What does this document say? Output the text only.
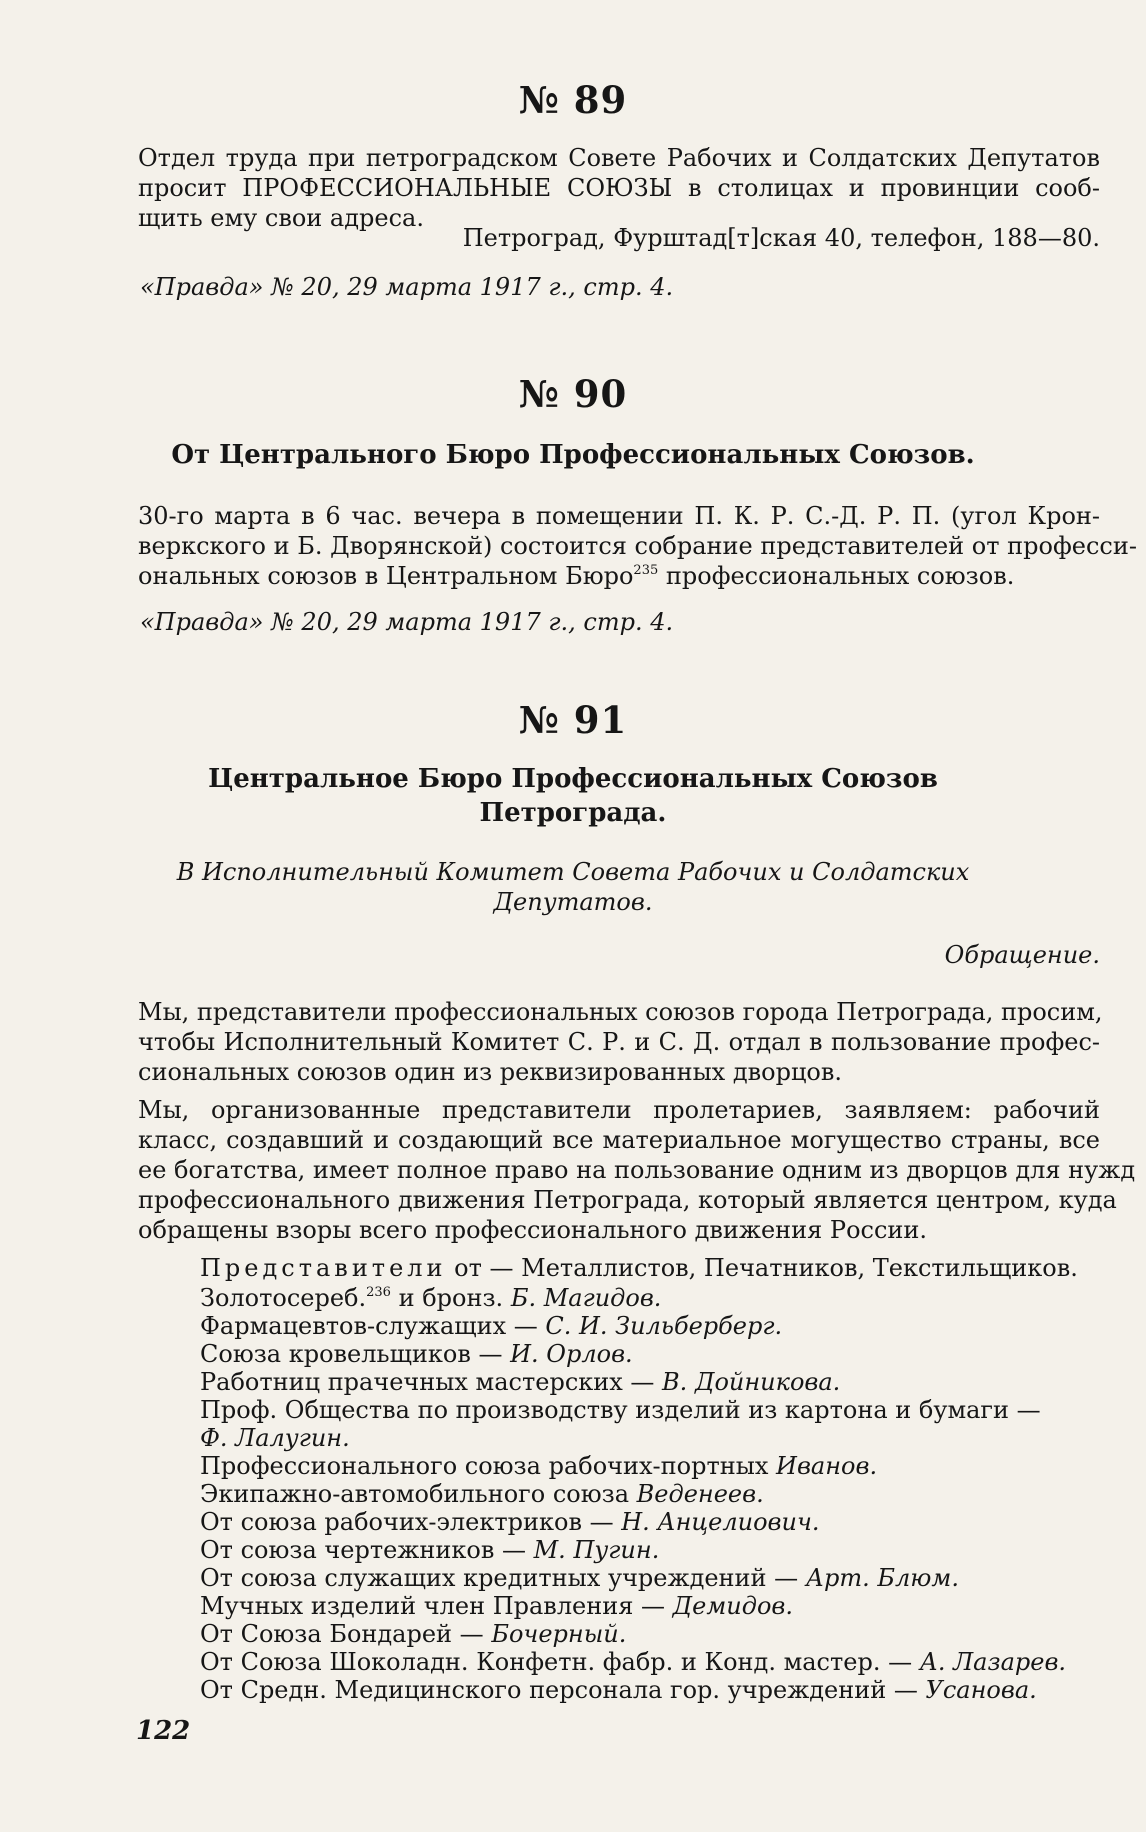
№ 89
Отдел труда при петроградском Совете Рабочих и Солдатских Депутатов
просит ПРОФЕССИОНАЛЬНЫЕ СОЮЗЫ в столицах и провинции сооб-
щить ему свои адреса.
Петроград, Фурштад[т]ская 40, телефон, 188—80.
«Правда» № 20, 29 марта 1917 г., стр. 4.
№ 90
От Центрального Бюро Профессиональных Союзов.
30-го марта в 6 час. вечера в помещении П. К. Р. С.-Д. Р. П. (угол Крон-
веркского и Б. Дворянской) состоится собрание представителей от професси-
ональных союзов в Центральном Бюро$^{235}$ профессиональных союзов.
«Правда» № 20, 29 марта 1917 г., стр. 4.
№ 91
Центральное Бюро Профессиональных Союзов
Петрограда.
В Исполнительный Комитет Совета Рабочих и Солдатских
Депутатов.
Обращение.
Мы, представители профессиональных союзов города Петрограда, просим,
чтобы Исполнительный Комитет С. Р. и С. Д. отдал в пользование профес-
сиональных союзов один из реквизированных дворцов.
Мы, организованные представители пролетариев, заявляем: рабочий
класс, создавший и создающий все материальное могущество страны, все
ее богатства, имеет полное право на пользование одним из дворцов для нужд
профессионального движения Петрограда, который является центром, куда
обращены взоры всего профессионального движения России.
Представители от — Металлистов, Печатников, Текстильщиков.
Золотосереб.$^{236}$ и бронз. Б. Магидов.
Фармацевтов-служащих — С. И. Зильберберг.
Союза кровельщиков — И. Орлов.
Работниц прачечных мастерских — В. Дойникова.
Проф. Общества по производству изделий из картона и бумаги —
Ф. Лалугин.
Профессионального союза рабочих-портных Иванов.
Экипажно-автомобильного союза Веденеев.
От союза рабочих-электриков — Н. Анцелиович.
От союза чертежников — М. Пугин.
От союза служащих кредитных учреждений — Арт. Блюм.
Мучных изделий член Правления — Демидов.
От Союза Бондарей — Бочерный.
От Союза Шоколадн. Конфетн. фабр. и Конд. мастер. — А. Лазарев.
122
От Средн. Медицинского персонала гор. учреждений — Усанова.
